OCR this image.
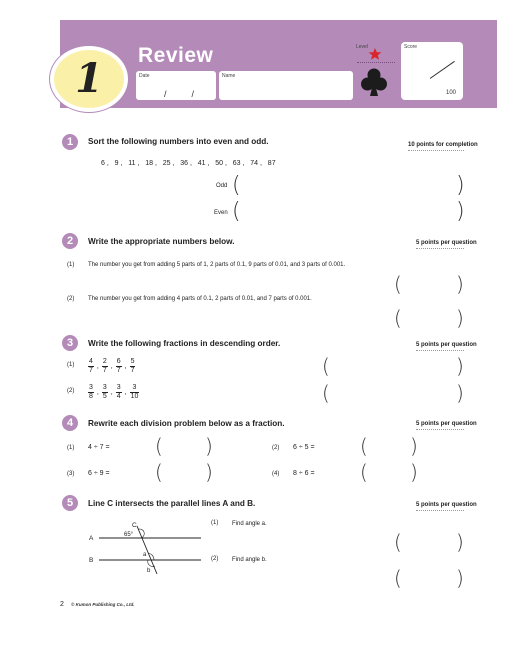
1	Review
Date
/          /
Name
Level	Score
100
1	Sort the following numbers into even and odd.	10 points for completion
6 ,   9 ,   11 ,   18 ,   25 ,   36 ,   41 ,   50 ,   63 ,   74 ,   87
Odd (	)
Even (	)
2	Write the appropriate numbers below.	5 points per question
(1) The number you get from adding 5 parts of 1, 2 parts of 0.1, 9 parts of 0.01, and 3 parts of 0.001.
(	)
(2) The number you get from adding 4 parts of 0.1, 2 parts of 0.01, and 7 parts of 0.001.
(	)
3	Write the following fractions in descending order.	5 points per question
$(1) \frac{4}{7}$ , $\frac{2}{7}$ , $\frac{6}{7}$ , $\frac{5}{7}$	(	)
$(2) \frac{3}{8}$ , $\frac{3}{5}$ , $\frac{3}{4}$ , $\frac{3}{10}$	(	)
4	Rewrite each division problem below as a fraction.	5 points per question
(1) 4 ÷ 7 = ( )	(2) 6 ÷ 5 = ( )
(3) 6 ÷ 9 = ( )	(4) 8 ÷ 6 = ( )
5	Line C intersects the parallel lines A and B.	5 points per question
A
B
C
65°
a
b
(1) Find angle a.
(	)
(2) Find angle b.
(	)
2 © Kumon Publishing Co., Ltd.
